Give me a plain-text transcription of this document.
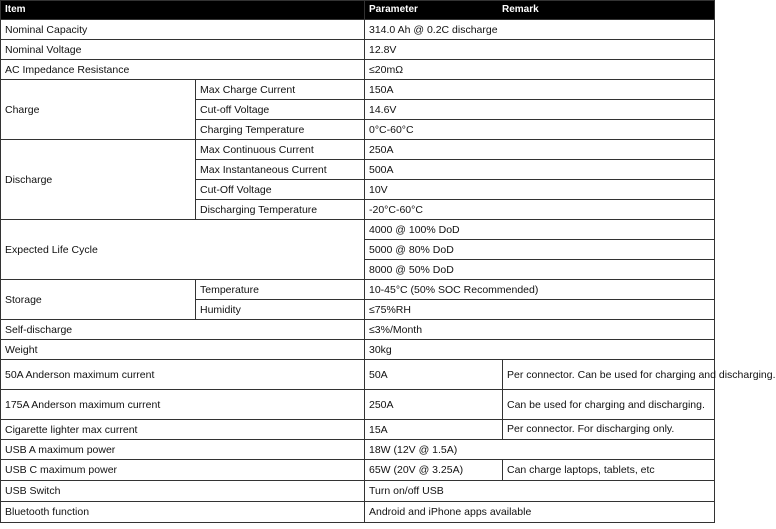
Item		Parameter Remark	

Nominal Capacity		314.0 Ah @ 0.2C discharge	
Nominal Voltage		12.8V	
AC Impedance Resistance		≤20mΩ	
Charge	Max Charge Current	150A	
	Cut-off Voltage	14.6V	
	Charging Temperature	0°C-60°C	
Discharge	Max Continuous Current	250A	
	Max Instantaneous Current	500A	
	Cut-Off Voltage	10V	
	Discharging Temperature	-20°C-60°C	
Expected Life Cycle		4000 @ 100% DoD	
		5000 @ 80% DoD	
		8000 @ 50% DoD	
Storage	Temperature	10-45°C (50% SOC Recommended)	
	Humidity	≤75%RH	
Self-discharge		≤3%/Month	
Weight		30kg	
50A Anderson maximum current		50A	Per connector. Can be used for charging and discharging.
175A Anderson maximum current		250A	Can be used for charging and discharging.
Cigarette lighter max current		15A	Per connector. For discharging only.

USB A maximum power		18W (12V @ 1.5A)	
USB C maximum power		65W (20V @ 3.25A)	Can charge laptops, tablets, etc
USB Switch		Turn on/off USB	
Bluetooth function		Android and iPhone apps available	
